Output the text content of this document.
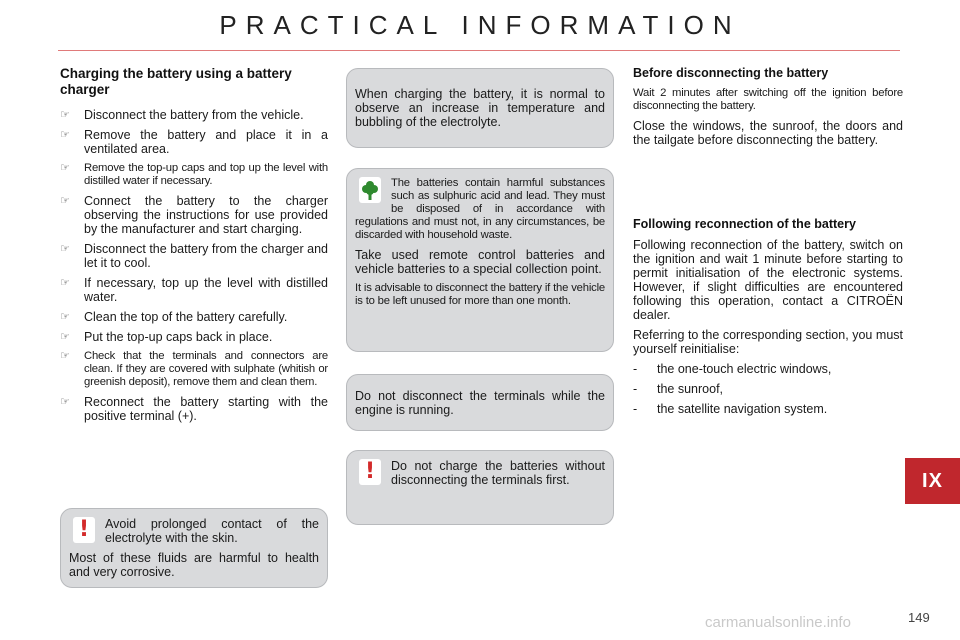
PRACTICAL INFORMATION
Charging the battery using a battery charger
☞ Disconnect the battery from the vehicle.
☞ Remove the battery and place it in a ventilated area.
☞ Remove the top-up caps and top up the level with distilled water if necessary.
☞ Connect the battery to the charger observing the instructions for use provided by the manufacturer and start charging.
☞ Disconnect the battery from the charger and let it to cool.
☞ If necessary, top up the level with distilled water.
☞ Clean the top of the battery carefully.
☞ Put the top-up caps back in place.
☞ Check that the terminals and connectors are clean. If they are covered with sulphate (whitish or greenish deposit), remove them and clean them.
☞ Reconnect the battery starting with the positive terminal (+).
!	Avoid prolonged contact of the electrolyte with the skin.

Most of these fluids are harmful to health and very corrosive.

When charging the battery, it is normal to observe an increase in temperature and bubbling of the electrolyte.

The batteries contain harmful substances such as sulphuric acid and lead. They must be disposed of in accordance with regulations and must not, in any circumstances, be discarded with household waste.

Take used remote control batteries and vehicle batteries to a special collection point.

It is advisable to disconnect the battery if the vehicle is to be left unused for more than one month.

Do not disconnect the terminals while the engine is running.

!	Do not charge the batteries without disconnecting the terminals first.

Before disconnecting the battery

Wait 2 minutes after switching off the ignition before disconnecting the battery.

Close the windows, the sunroof, the doors and the tailgate before disconnecting the battery.

Following reconnection of the battery

Following reconnection of the battery, switch on the ignition and wait 1 minute before starting to permit initialisation of the electronic systems. However, if slight difficulties are encountered following this operation, contact a CITROËN dealer.

Referring to the corresponding section, you must yourself reinitialise:

- the one-touch electric windows,
- the sunroof,
- the satellite navigation system.
IX
carmanualsonline.info	149
